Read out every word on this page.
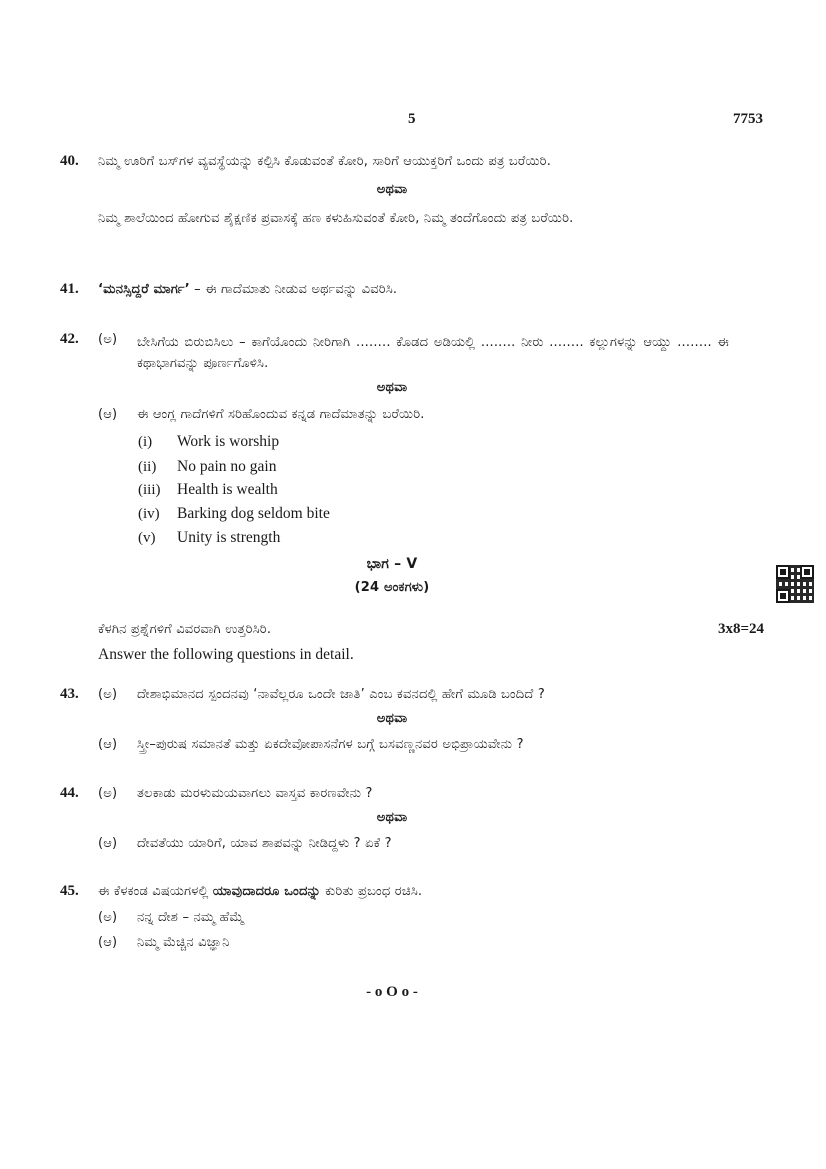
5	7753
40. ನಿಮ್ಮ ಊರಿಗೆ ಬಸ್‌ಗಳ ವ್ಯವಸ್ಥೆಯನ್ನು ಕಲ್ಪಿಸಿ ಕೊಡುವಂತೆ ಕೋರಿ, ಸಾರಿಗೆ ಆಯುಕ್ತರಿಗೆ ಒಂದು ಪತ್ರ ಬರೆಯಿರಿ.
ಅಥವಾ
ನಿಮ್ಮ ಶಾಲೆಯಿಂದ ಹೋಗುವ ಶೈಕ್ಷಣಿಕ ಪ್ರವಾಸಕ್ಕೆ ಹಣ ಕಳುಹಿಸುವಂತೆ ಕೋರಿ, ನಿಮ್ಮ ತಂದೆಗೊಂದು ಪತ್ರ ಬರೆಯಿರಿ.
41. ‘ಮನಸ್ಸಿದ್ದರೆ ಮಾರ್ಗ’ – ಈ ಗಾದೆಮಾತು ನೀಡುವ ಅರ್ಥವನ್ನು ವಿವರಿಸಿ.
42. (ಅ) ಬೇಸಿಗೆಯ ಬಿರುಬಿಸಿಲು – ಕಾಗೆಯೊಂದು ನೀರಿಗಾಗಿ ........ ಕೊಡದ ಅಡಿಯಲ್ಲಿ ........ ನೀರು ........ ಕಲ್ಲುಗಳನ್ನು ಆಯ್ದು ........ ಈ ಕಥಾಭಾಗವನ್ನು ಪೂರ್ಣಗೊಳಿಸಿ.
ಅಥವಾ
(ಆ) ಈ ಆಂಗ್ಲ ಗಾದೆಗಳಿಗೆ ಸರಿಹೊಂದುವ ಕನ್ನಡ ಗಾದೆಮಾತನ್ನು ಬರೆಯಿರಿ.
(i) Work is worship
(ii) No pain no gain
(iii) Health is wealth
(iv) Barking dog seldom bite
(v) Unity is strength
ಭಾಗ – V
(24 ಅಂಕಗಳು)
ಕೆಳಗಿನ ಪ್ರಶ್ನೆಗಳಿಗೆ ವಿವರವಾಗಿ ಉತ್ತರಿಸಿರಿ.	3x8=24
Answer the following questions in detail.
43. (ಅ) ದೇಶಾಭಿಮಾನದ ಸ್ಪಂದನವು ‘ನಾವೆಲ್ಲರೂ ಒಂದೇ ಜಾತಿ’ ಎಂಬ ಕವನದಲ್ಲಿ ಹೇಗೆ ಮೂಡಿ ಬಂದಿದೆ ?
ಅಥವಾ
(ಆ) ಸ್ತ್ರೀ–ಪುರುಷ ಸಮಾನತೆ ಮತ್ತು ಏಕದೇವೋಪಾಸನೆಗಳ ಬಗ್ಗೆ ಬಸವಣ್ಣನವರ ಅಭಿಪ್ರಾಯವೇನು ?
44. (ಅ) ತಲಕಾಡು ಮರಳುಮಯವಾಗಲು ವಾಸ್ತವ ಕಾರಣವೇನು ?
ಅಥವಾ
(ಆ) ದೇವತೆಯು ಯಾರಿಗೆ, ಯಾವ ಶಾಪವನ್ನು ನೀಡಿದ್ದಳು ? ಏಕೆ ?
45. ಈ ಕೆಳಕಂಡ ವಿಷಯಗಳಲ್ಲಿ ಯಾವುದಾದರೂ ಒಂದನ್ನು ಕುರಿತು ಪ್ರಬಂಧ ರಚಿಸಿ.
(ಅ) ನನ್ನ ದೇಶ – ನಮ್ಮ ಹೆಮ್ಮೆ
(ಆ) ನಿಮ್ಮ ಮೆಚ್ಚಿನ ವಿಜ್ಞಾನಿ
- o O o -
